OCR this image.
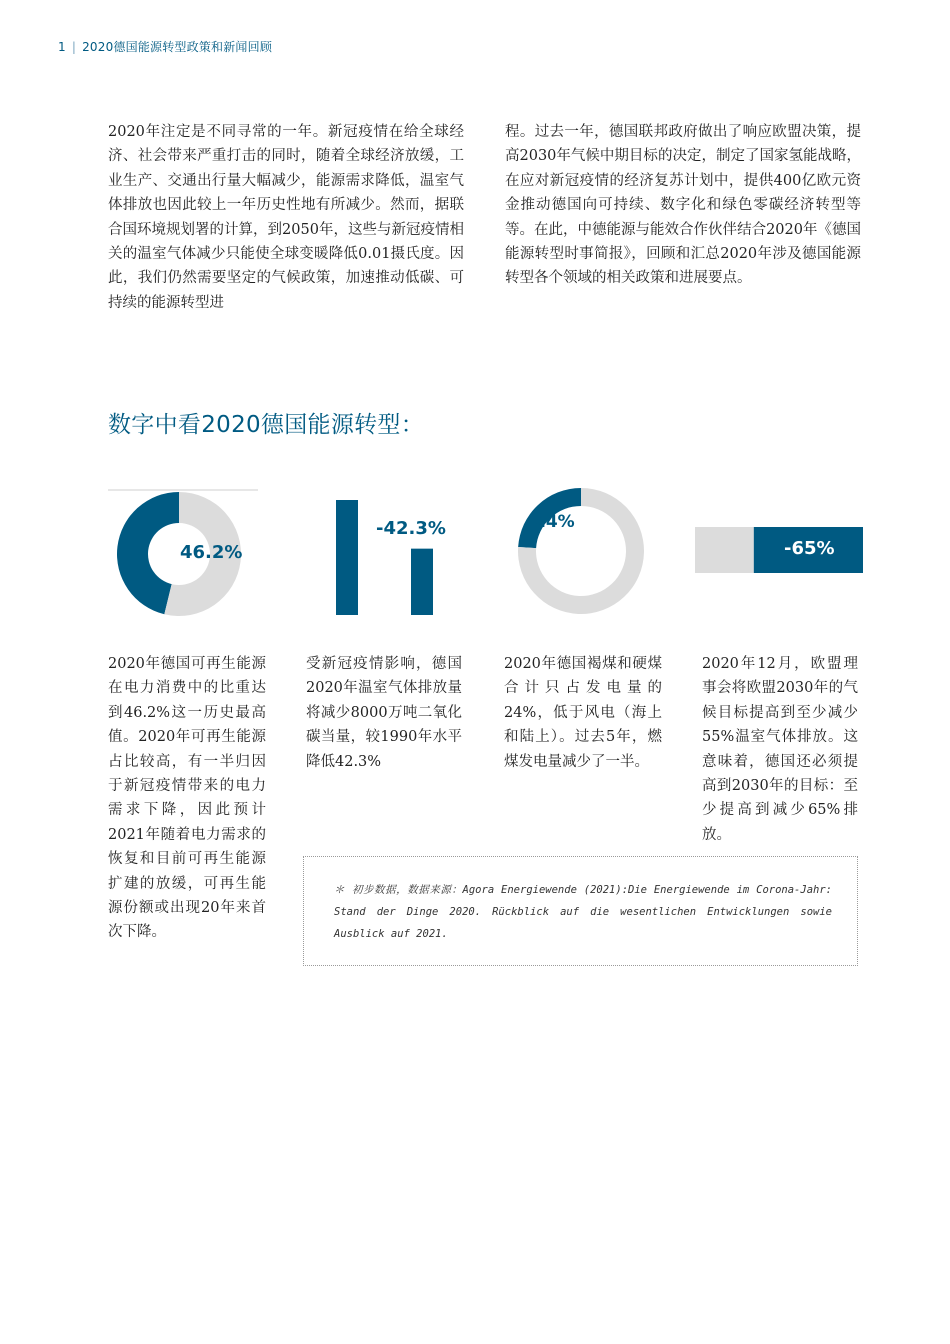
1 | 2020德国能源转型政策和新闻回顾
2020年注定是不同寻常的一年。新冠疫情在给全球经济、社会带来严重打击的同时，随着全球经济放缓，工业生产、交通出行量大幅减少，能源需求降低，温室气体排放也因此较上一年历史性地有所减少。然而，据联合国环境规划署的计算，到2050年，这些与新冠疫情相关的温室气体减少只能使全球变暖降低0.01摄氏度。因此，我们仍然需要坚定的气候政策，加速推动低碳、可持续的能源转型进
程。过去一年，德国联邦政府做出了响应欧盟决策，提高2030年气候中期目标的决定，制定了国家氢能战略，在应对新冠疫情的经济复苏计划中，提供400亿欧元资金推动德国向可持续、数字化和绿色零碳经济转型等等。在此，中德能源与能效合作伙伴结合2020年《德国能源转型时事简报》，回顾和汇总2020年涉及德国能源转型各个领域的相关政策和进展要点。
数字中看2020德国能源转型：
46.2%
-42.3%	24%
-65%
2020年德国可再生能源在电力消费中的比重达到46.2%这一历史最高值。2020年可再生能源占比较高，有一半归因于新冠疫情带来的电力需求下降，因此预计2021年随着电力需求的恢复和目前可再生能源扩建的放缓，可再生能源份额或出现20年来首次下降。
受新冠疫情影响，德国2020年温室气体排放量将减少8000万吨二氧化碳当量，较1990年水平降低42.3%
2020年德国褐煤和硬煤合计只占发电量的24%，低于风电（海上和陆上）。过去5年，燃煤发电量减少了一半。
2020年12月，欧盟理事会将欧盟2030年的气候目标提高到至少减少55%温室气体排放。这意味着，德国还必须提高到2030年的目标：至少提高到减少65%排放。
＊ 初步数据，数据来源：Agora Energiewende (2021):Die Energiewende im Corona-Jahr: Stand der Dinge 2020. Rückblick auf die wesentlichen Entwicklungen sowie Ausblick auf 2021.
